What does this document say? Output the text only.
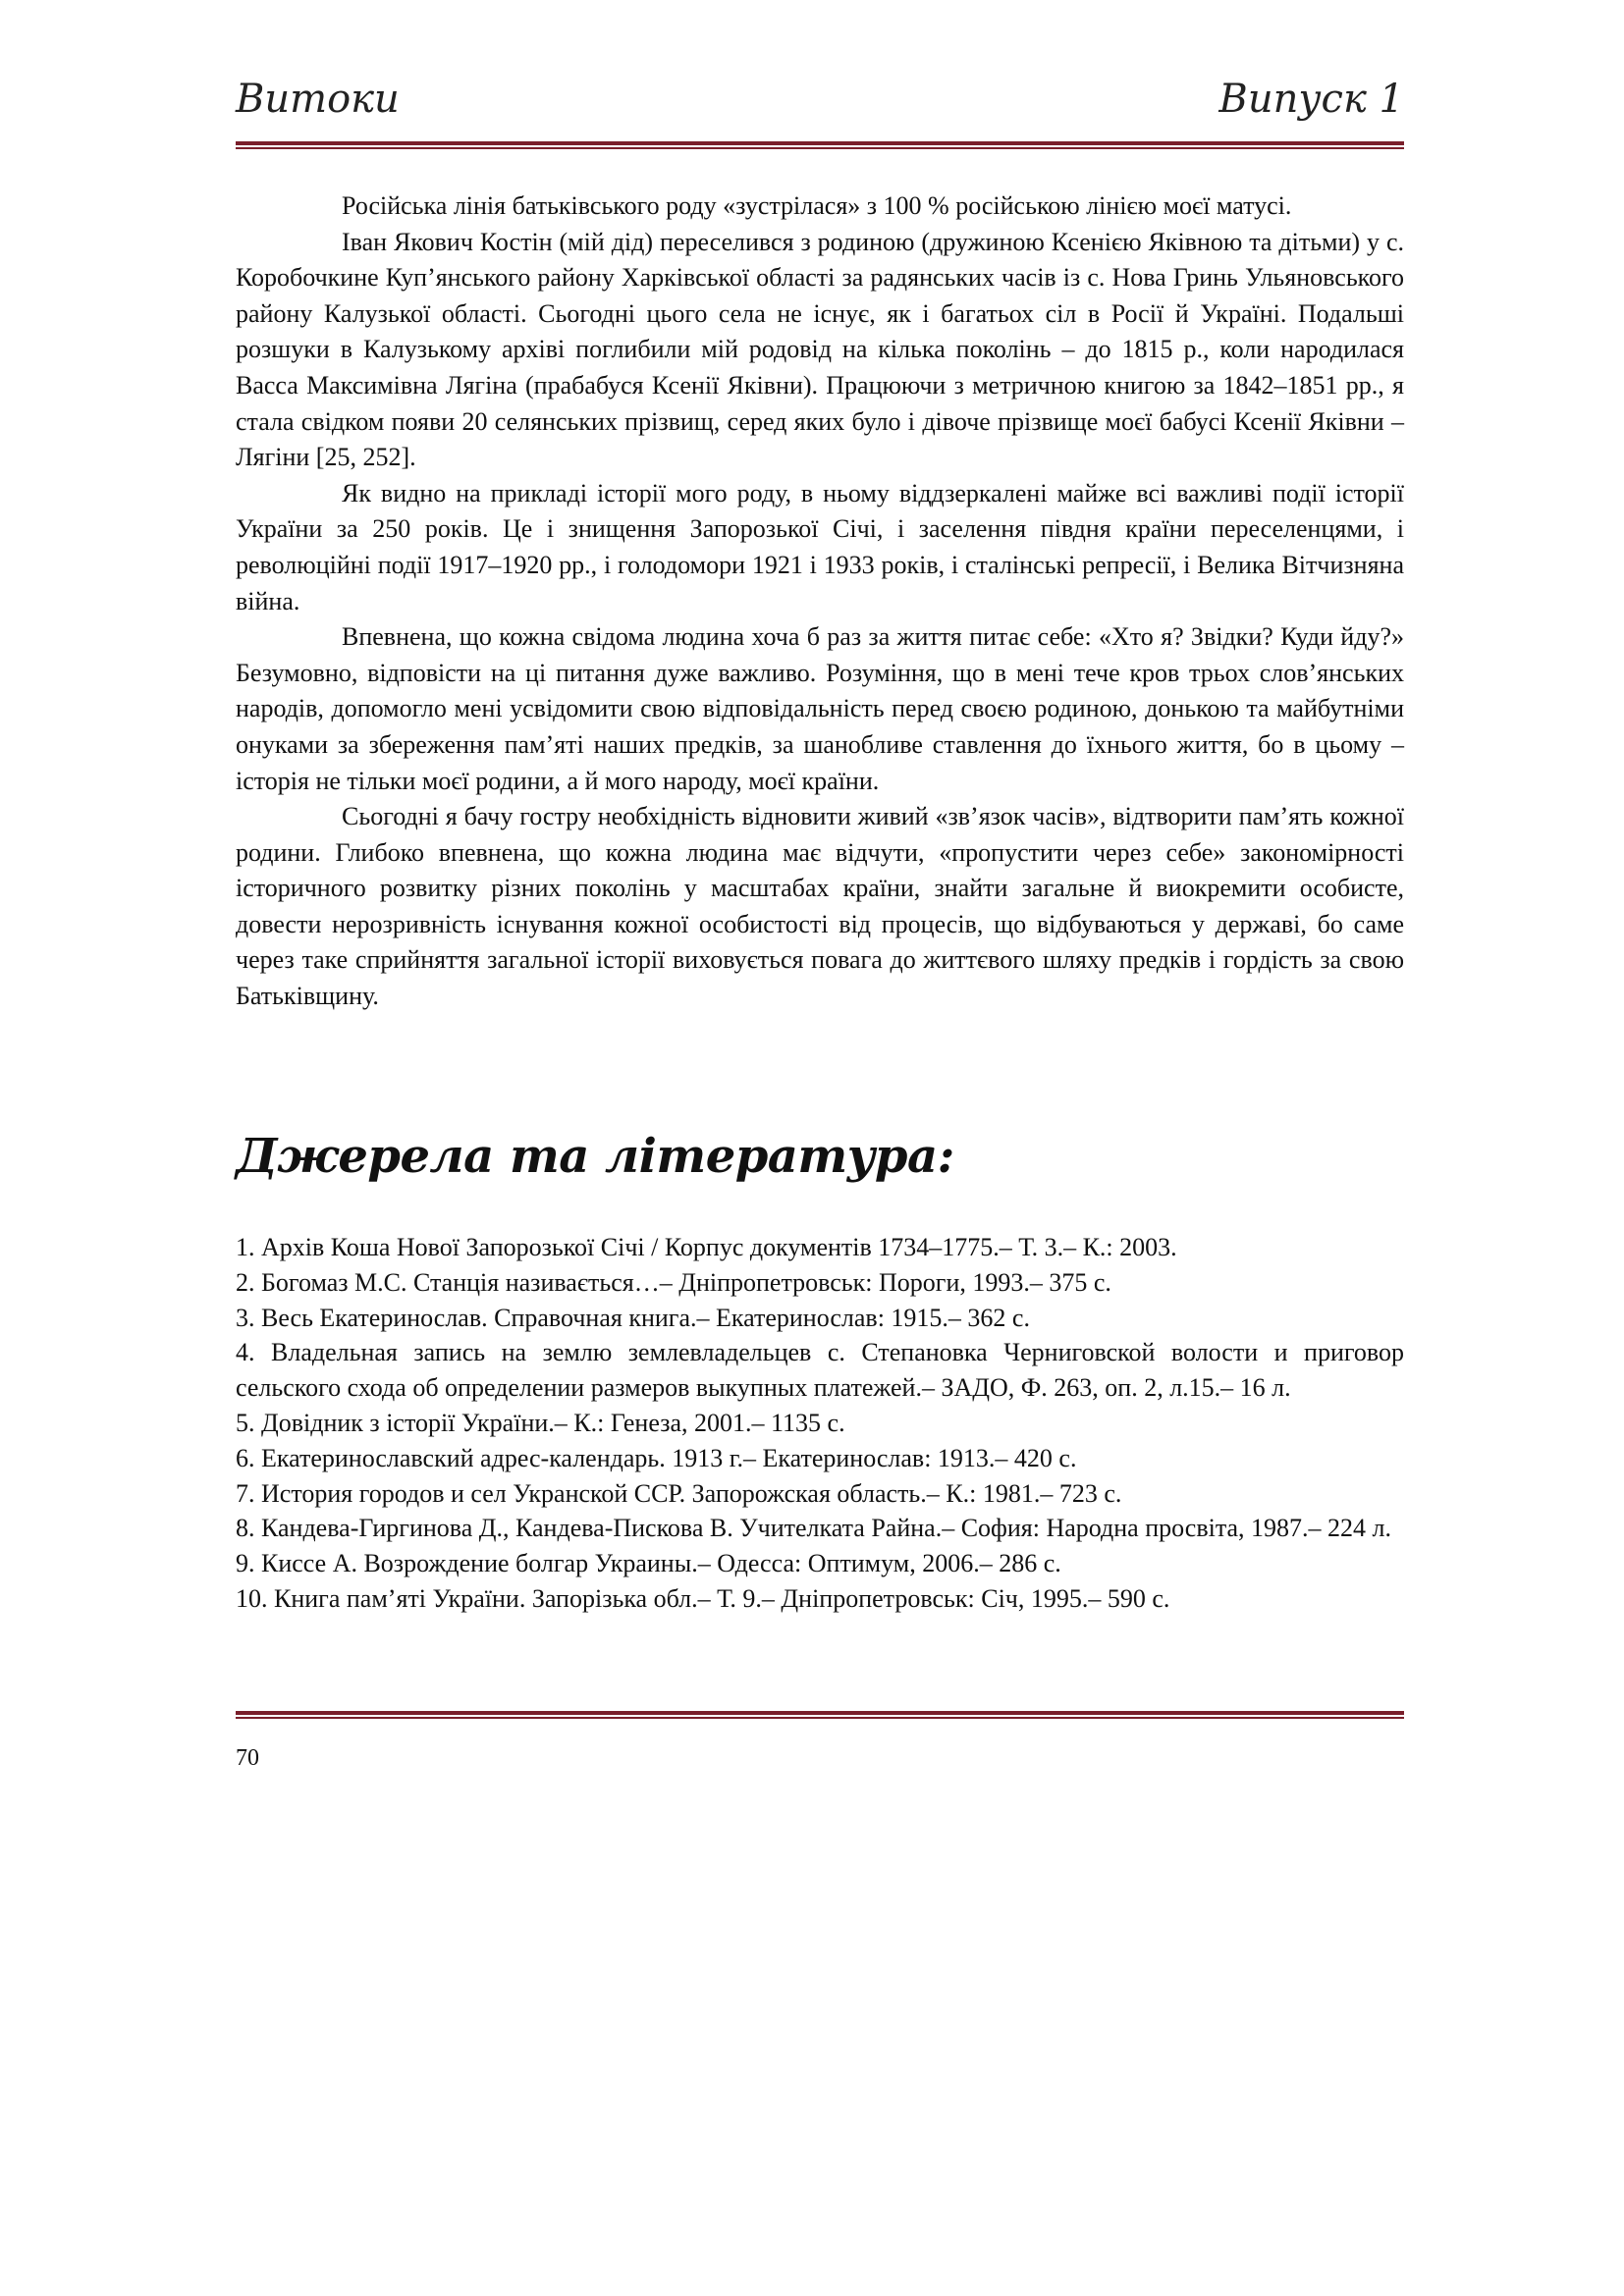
Витоки	Випуск 1

Російська лінія батьківського роду «зустрілася» з 100 % російською лінією моєї матусі.

Іван Якович Костін (мій дід) переселився з родиною (дружиною Ксенією Яківною та дітьми) у с. Коробочкине Куп’янського району Харківської області за радянських часів із с. Нова Гринь Ульяновського району Калузької області. Сьогодні цього села не існує, як і багатьох сіл в Росії й Україні. Подальші розшуки в Калузькому архіві поглибили мій родовід на кілька поколінь – до 1815 р., коли народилася Васса Максимівна Лягіна (прабабуся Ксенії Яківни). Працюючи з метричною книгою за 1842–1851 рр., я стала свідком появи 20 селянських прізвищ, серед яких було і дівоче прізвище моєї бабусі Ксенії Яківни – Лягіни [25, 252].

Як видно на прикладі історії мого роду, в ньому віддзеркалені майже всі важливі події історії України за 250 років. Це і знищення Запорозької Січі, і заселення півдня країни переселенцями, і революційні події 1917–1920 рр., і голодомори 1921 і 1933 років, і сталінські репресії, і Велика Вітчизняна війна.

Впевнена, що кожна свідома людина хоча б раз за життя питає себе: «Хто я? Звідки? Куди йду?» Безумовно, відповісти на ці питання дуже важливо. Розуміння, що в мені тече кров трьох слов’янських народів, допомогло мені усвідомити свою відповідальність перед своєю родиною, донькою та майбутніми онуками за збереження пам’яті наших предків, за шанобливе ставлення до їхнього життя, бо в цьому – історія не тільки моєї родини, а й мого народу, моєї країни.

Сьогодні я бачу гостру необхідність відновити живий «зв’язок часів», відтворити пам’ять кожної родини. Глибоко впевнена, що кожна людина має відчути, «пропустити через себе» закономірності історичного розвитку різних поколінь у масштабах країни, знайти загальне й виокремити особисте, довести нерозривність існування кожної особистості від процесів, що відбуваються у державі, бо саме через таке сприйняття загальної історії виховується повага до життєвого шляху предків і гордість за свою Батьківщину.

Джерела та література:
1. Архів Коша Нової Запорозької Січі / Корпус документів 1734–1775.– Т. 3.– К.: 2003.
2. Богомаз М.С. Станція називається…– Дніпропетровськ: Пороги, 1993.– 375 с.
3. Весь Екатеринослав. Справочная книга.– Екатеринослав: 1915.– 362 с.
4. Владельная запись на землю землевладельцев с. Степановка Черниговской волости и приговор сельского схода об определении размеров выкупных платежей.– ЗАДО, Ф. 263, оп. 2, л.15.– 16 л.
5. Довідник з історії України.– К.: Генеза, 2001.– 1135 с.
6. Екатеринославский адрес-календарь. 1913 г.– Екатеринослав: 1913.– 420 с.
7. История городов и сел Укранской ССР. Запорожская область.– К.: 1981.– 723 с.
8. Кандева-Гиргинова Д., Кандева-Пискова В. Учителката Райна.– София: Народна просвіта, 1987.– 224 л.
9. Киссе А. Возрождение болгар Украины.– Одесса: Оптимум, 2006.– 286 с.
10. Книга пам’яті України. Запорізька обл.– Т. 9.– Дніпропетровськ: Січ, 1995.– 590 с.
70
